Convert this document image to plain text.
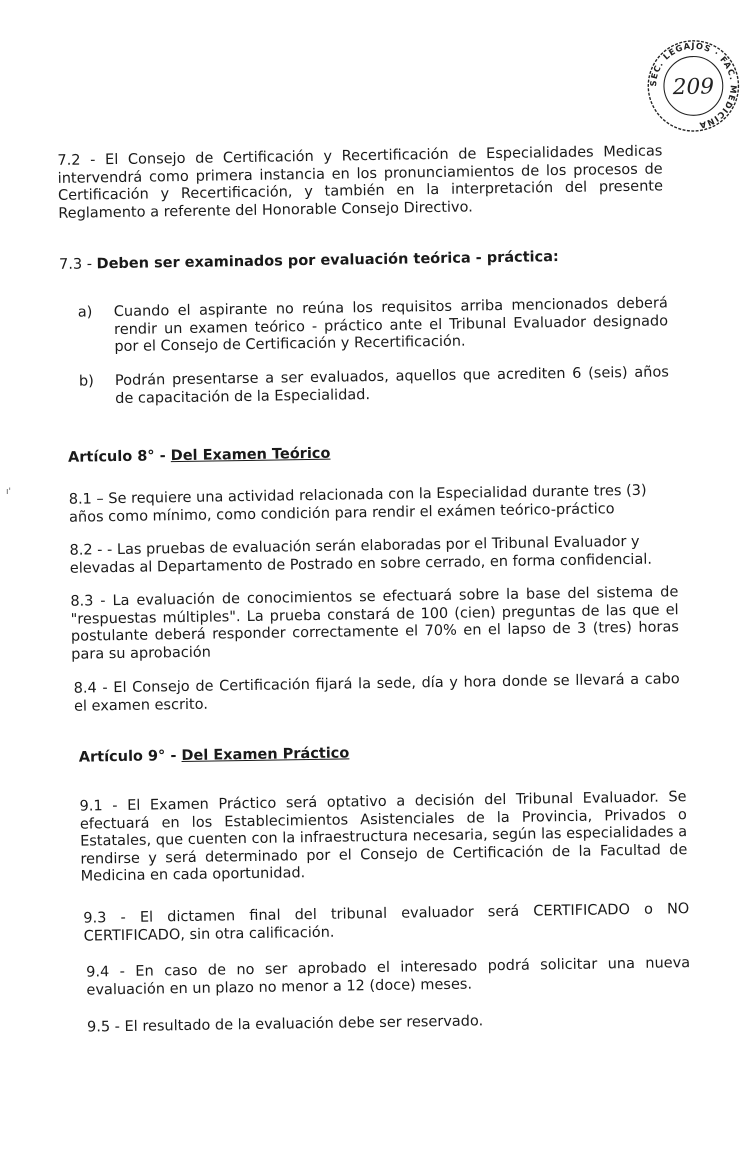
SEC. LEGAJOS · FAC. MEDICINA
209

7.2 - El Consejo de Certificación y Recertificación de Especialidades Medicas intervendrá como primera instancia en los pronunciamientos de los procesos de Certificación y Recertificación, y también en la interpretación del presente Reglamento a referente del Honorable Consejo Directivo.

7.3 - Deben ser examinados por evaluación teórica - práctica:

a) Cuando el aspirante no reúna los requisitos arriba mencionados deberá rendir un examen teórico - práctico ante el Tribunal Evaluador designado por el Consejo de Certificación y Recertificación.
b) Podrán presentarse a ser evaluados, aquellos que acrediten 6 (seis) años de capacitación de la Especialidad.

Artículo 8° - Del Examen Teórico

8.1 – Se requiere una actividad relacionada con la Especialidad durante tres (3) años como mínimo, como condición para rendir el exámen teórico-práctico

8.2 - - Las pruebas de evaluación serán elaboradas por el Tribunal Evaluador y elevadas al Departamento de Postrado en sobre cerrado, en forma confidencial.

8.3 - La evaluación de conocimientos se efectuará sobre la base del sistema de "respuestas múltiples". La prueba constará de 100 (cien) preguntas de las que el postulante deberá responder correctamente el 70% en el lapso de 3 (tres) horas para su aprobación

8.4 - El Consejo de Certificación fijará la sede, día y hora donde se llevará a cabo el examen escrito.

Artículo 9° - Del Examen Práctico

9.1 - El Examen Práctico será optativo a decisión del Tribunal Evaluador. Se efectuará en los Establecimientos Asistenciales de la Provincia, Privados o Estatales, que cuenten con la infraestructura necesaria, según las especialidades a rendirse y será determinado por el Consejo de Certificación de la Facultad de Medicina en cada oportunidad.

9.3 - El dictamen final del tribunal evaluador será CERTIFICADO o NO CERTIFICADO, sin otra calificación.

9.4 - En caso de no ser aprobado el interesado podrá solicitar una nueva evaluación en un plazo no menor a 12 (doce) meses.

9.5 - El resultado de la evaluación debe ser reservado.

ı'
